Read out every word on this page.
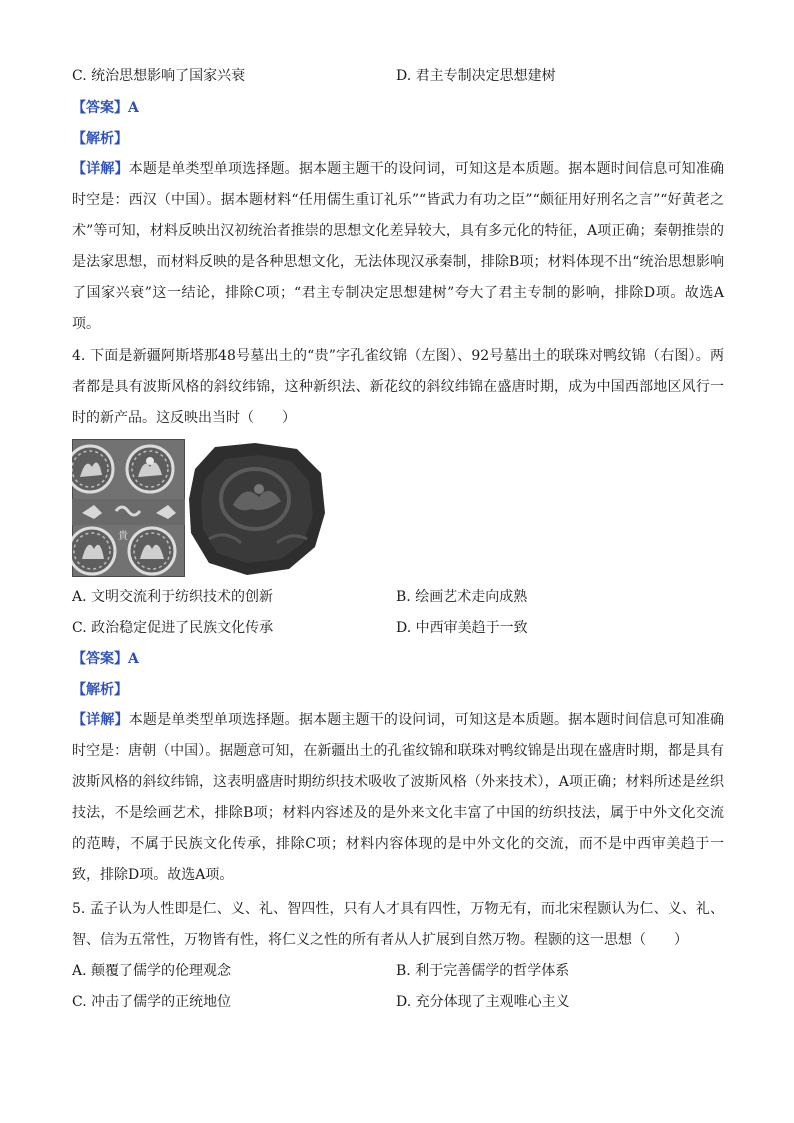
C. 统治思想影响了国家兴衰	D. 君主专制决定思想建树
【答案】A
【解析】
【详解】本题是单类型单项选择题。据本题主题干的设问词，可知这是本质题。据本题时间信息可知准确时空是：西汉（中国）。据本题材料“任用儒生重订礼乐”“皆武力有功之臣”“颇征用好刑名之言”“好黄老之术”等可知，材料反映出汉初统治者推崇的思想文化差异较大，具有多元化的特征，A项正确；秦朝推崇的是法家思想，而材料反映的是各种思想文化，无法体现汉承秦制，排除B项；材料体现不出“统治思想影响了国家兴衰”这一结论，排除C项；“君主专制决定思想建树”夸大了君主专制的影响，排除D项。故选A项。
4. 下面是新疆阿斯塔那48号墓出土的“贵”字孔雀纹锦（左图）、92号墓出土的联珠对鸭纹锦（右图）。两者都是具有波斯风格的斜纹纬锦，这种新织法、新花纹的斜纹纬锦在盛唐时期，成为中国西部地区风行一时的新产品。这反映出当时（　　）
貴
A. 文明交流利于纺织技术的创新	B. 绘画艺术走向成熟
C. 政治稳定促进了民族文化传承	D. 中西审美趋于一致
【答案】A
【解析】
【详解】本题是单类型单项选择题。据本题主题干的设问词，可知这是本质题。据本题时间信息可知准确时空是：唐朝（中国）。据题意可知，在新疆出土的孔雀纹锦和联珠对鸭纹锦是出现在盛唐时期，都是具有波斯风格的斜纹纬锦，这表明盛唐时期纺织技术吸收了波斯风格（外来技术），A项正确；材料所述是丝织技法，不是绘画艺术，排除B项；材料内容述及的是外来文化丰富了中国的纺织技法，属于中外文化交流的范畴，不属于民族文化传承，排除C项；材料内容体现的是中外文化的交流，而不是中西审美趋于一致，排除D项。故选A项。
5. 孟子认为人性即是仁、义、礼、智四性，只有人才具有四性，万物无有，而北宋程颢认为仁、义、礼、智、信为五常性，万物皆有性，将仁义之性的所有者从人扩展到自然万物。程颢的这一思想（　　）
A. 颠覆了儒学的伦理观念	B. 利于完善儒学的哲学体系
C. 冲击了儒学的正统地位	D. 充分体现了主观唯心主义
